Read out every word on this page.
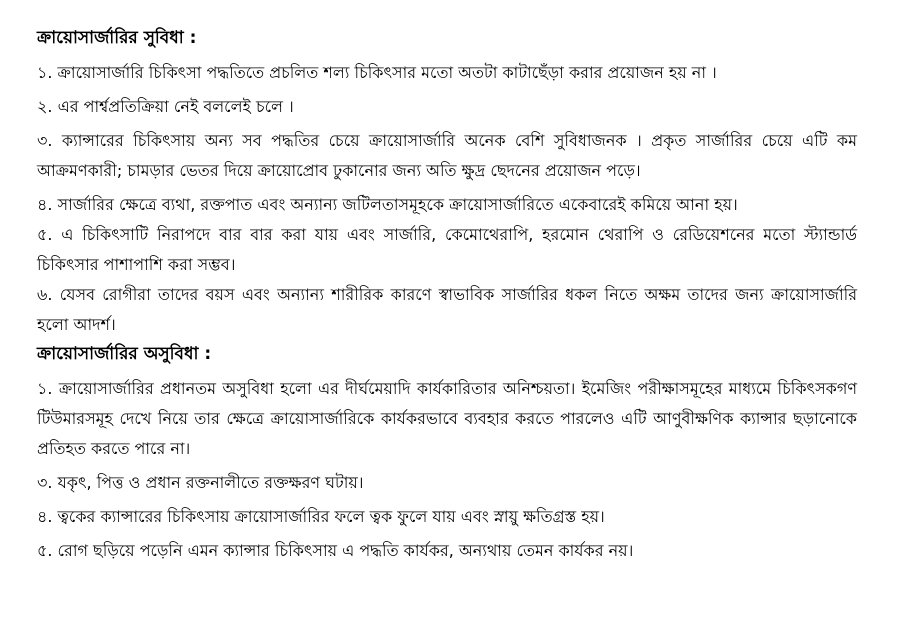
ক্রায়োসার্জারির সুবিধা :

১. ক্রায়োসার্জারি চিকিৎসা পদ্ধতিতে প্রচলিত শল্য চিকিৎসার মতো অতটা কাটাছেঁড়া করার প্রয়োজন হয় না ।

২. এর পার্শ্বপ্রতিক্রিয়া নেই বললেই চলে ।

৩. ক্যান্সারের চিকিৎসায় অন্য সব পদ্ধতির চেয়ে ক্রায়োসার্জারি অনেক বেশি সুবিধাজনক । প্রকৃত সার্জারির চেয়ে এটি কম আক্রমণকারী; চামড়ার ভেতর দিয়ে ক্রায়োপ্রোব ঢুকানোর জন্য অতি ক্ষুদ্র ছেদনের প্রয়োজন পড়ে।

৪. সার্জারির ক্ষেত্রে ব্যথা, রক্তপাত এবং অন্যান্য জটিলতাসমূহকে ক্রায়োসার্জারিতে একেবারেই কমিয়ে আনা হয়।

৫. এ চিকিৎসাটি নিরাপদে বার বার করা যায় এবং সার্জারি, কেমোথেরাপি, হরমোন থেরাপি ও রেডিয়েশনের মতো স্ট্যান্ডার্ড চিকিৎসার পাশাপাশি করা সম্ভব।

৬. যেসব রোগীরা তাদের বয়স এবং অন্যান্য শারীরিক কারণে স্বাভাবিক সার্জারির ধকল নিতে অক্ষম তাদের জন্য ক্রায়োসার্জারি হলো আদর্শ।

ক্রায়োসার্জারির অসুবিধা :

১. ক্রায়োসার্জারির প্রধানতম অসুবিধা হলো এর দীর্ঘমেয়াদি কার্যকারিতার অনিশ্চয়তা। ইমেজিং পরীক্ষাসমূহের মাধ্যমে চিকিৎসকগণ টিউমারসমূহ দেখে নিয়ে তার ক্ষেত্রে ক্রায়োসার্জারিকে কার্যকরভাবে ব্যবহার করতে পারলেও এটি আণুবীক্ষণিক ক্যান্সার ছড়ানোকে প্রতিহত করতে পারে না।

৩. যকৃৎ, পিত্ত ও প্রধান রক্তনালীতে রক্তক্ষরণ ঘটায়।

৪. ত্বকের ক্যান্সারের চিকিৎসায় ক্রায়োসার্জারির ফলে ত্বক ফুলে যায় এবং স্নায়ু ক্ষতিগ্রস্ত হয়।

৫. রোগ ছড়িয়ে পড়েনি এমন ক্যান্সার চিকিৎসায় এ পদ্ধতি কার্যকর, অন্যথায় তেমন কার্যকর নয়।
